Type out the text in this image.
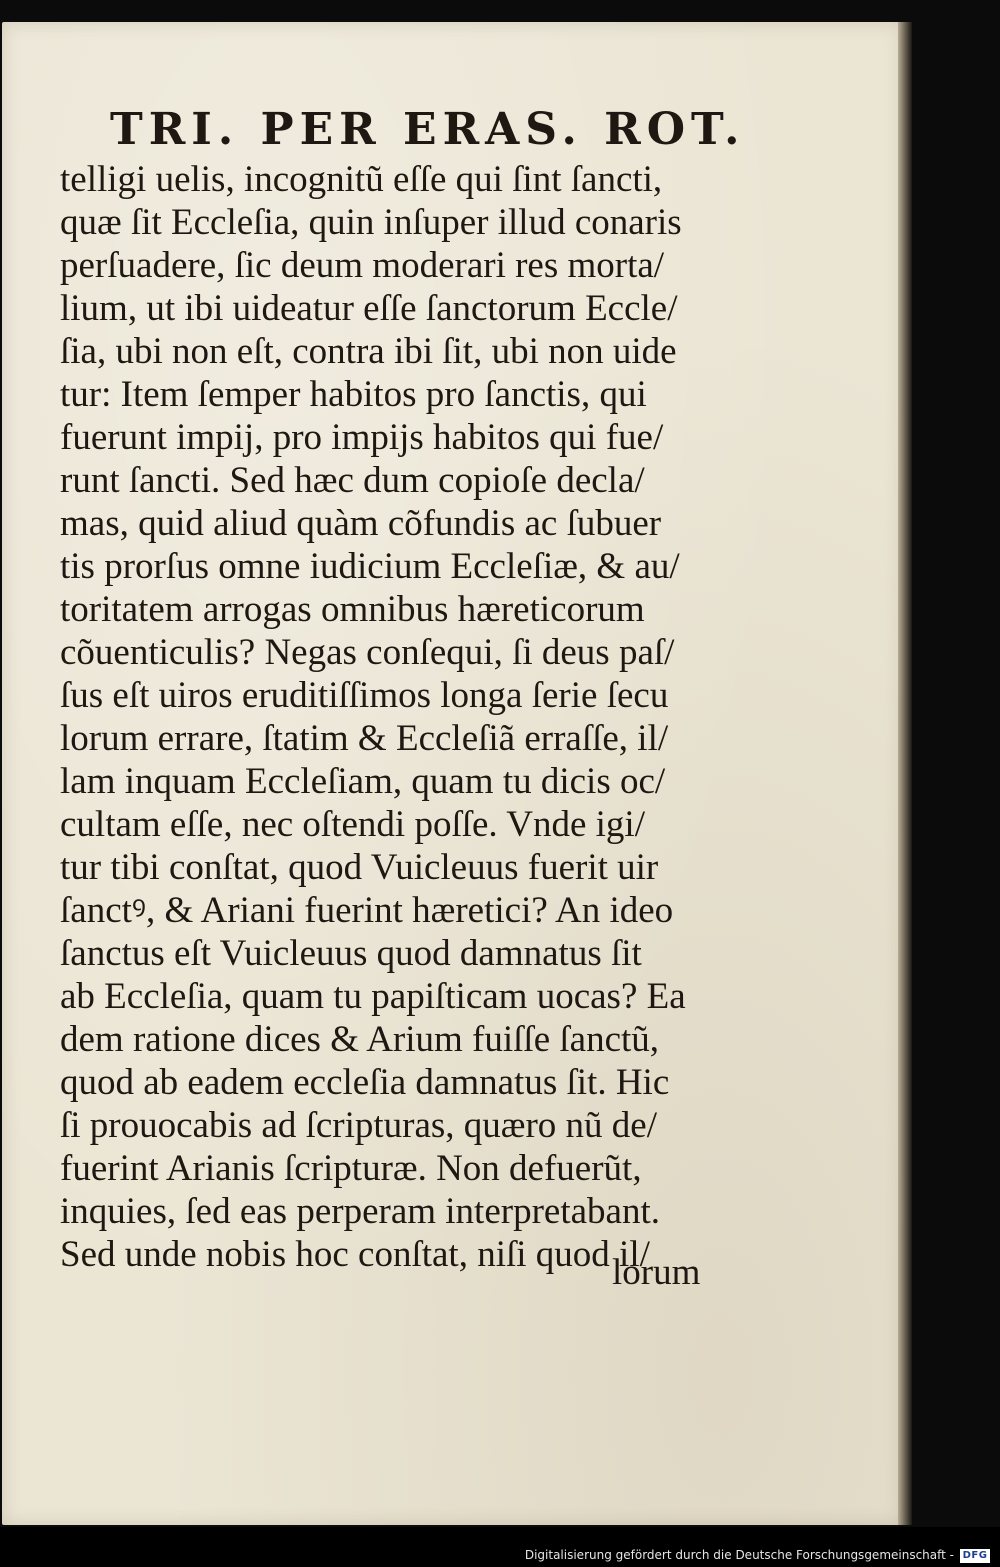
TRI. PER ERAS. ROT.
telligi uelis, incognitũ eſſe qui ſint ſancti,
quæ ſit Eccleſia, quin inſuper illud conaris
perſuadere, ſic deum moderari res morta/
lium, ut ibi uideatur eſſe ſanctorum Eccle/
ſia, ubi non eſt, contra ibi ſit, ubi non uide
tur: Item ſemper habitos pro ſanctis, qui
fuerunt impij, pro impijs habitos qui fue/
runt ſancti. Sed hæc dum copioſe decla/
mas, quid aliud quàm cõfundis ac ſubuer
tis prorſus omne iudicium Eccleſiæ, & au/
toritatem arrogas omnibus hæreticorum
cõuenticulis? Negas conſequi, ſi deus paſ/
ſus eſt uiros eruditiſſimos longa ſerie ſecu
lorum errare, ſtatim & Eccleſiã erraſſe, il/
lam inquam Eccleſiam, quam tu dicis oc/
cultam eſſe, nec oſtendi poſſe. Vnde igi/
tur tibi conſtat, quod Vuicleuus fuerit uir
ſanctꝰ, & Ariani fuerint hæretici? An ideo
ſanctus eſt Vuicleuus quod damnatus ſit
ab Eccleſia, quam tu papiſticam uocas? Ea
dem ratione dices & Arium fuiſſe ſanctũ,
quod ab eadem eccleſia damnatus ſit. Hic
ſi prouocabis ad ſcripturas, quæro nũ de/
fuerint Arianis ſcripturæ. Non defuerũt,
inquies, ſed eas perperam interpretabant.
Sed unde nobis hoc conſtat, niſi quod il/
lorum
Digitalisierung gefördert durch die Deutsche Forschungsgemeinschaft - DFG
